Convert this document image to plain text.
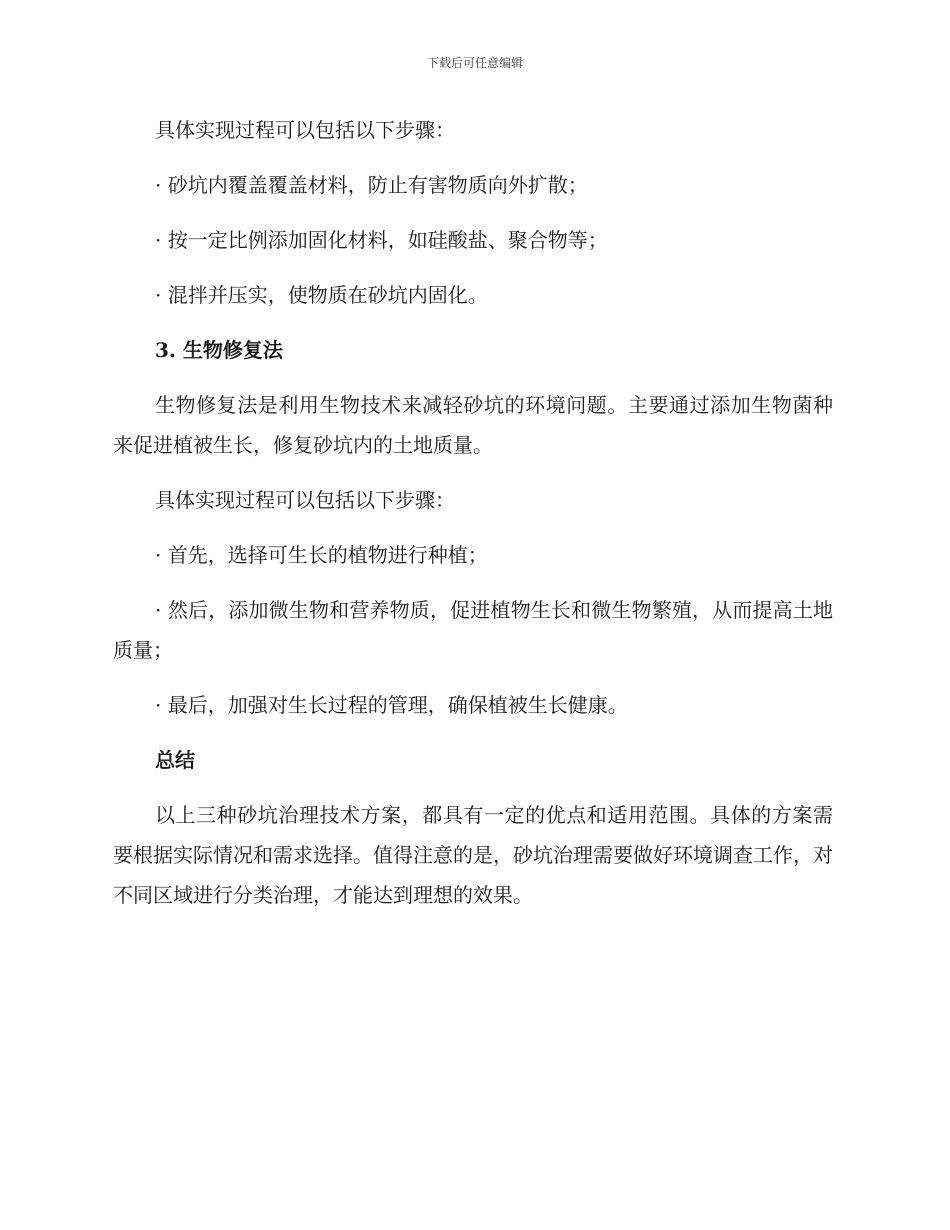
下载后可任意编辑

具体实现过程可以包括以下步骤：

· 砂坑内覆盖覆盖材料，防止有害物质向外扩散；

· 按一定比例添加固化材料，如硅酸盐、聚合物等；

· 混拌并压实，使物质在砂坑内固化。

3. 生物修复法

生物修复法是利用生物技术来减轻砂坑的环境问题。主要通过添加生物菌种来促进植被生长，修复砂坑内的土地质量。

具体实现过程可以包括以下步骤：

· 首先，选择可生长的植物进行种植；

· 然后，添加微生物和营养物质，促进植物生长和微生物繁殖，从而提高土地质量；

· 最后，加强对生长过程的管理，确保植被生长健康。

总结

以上三种砂坑治理技术方案，都具有一定的优点和适用范围。具体的方案需要根据实际情况和需求选择。值得注意的是，砂坑治理需要做好环境调查工作，对不同区域进行分类治理，才能达到理想的效果。
